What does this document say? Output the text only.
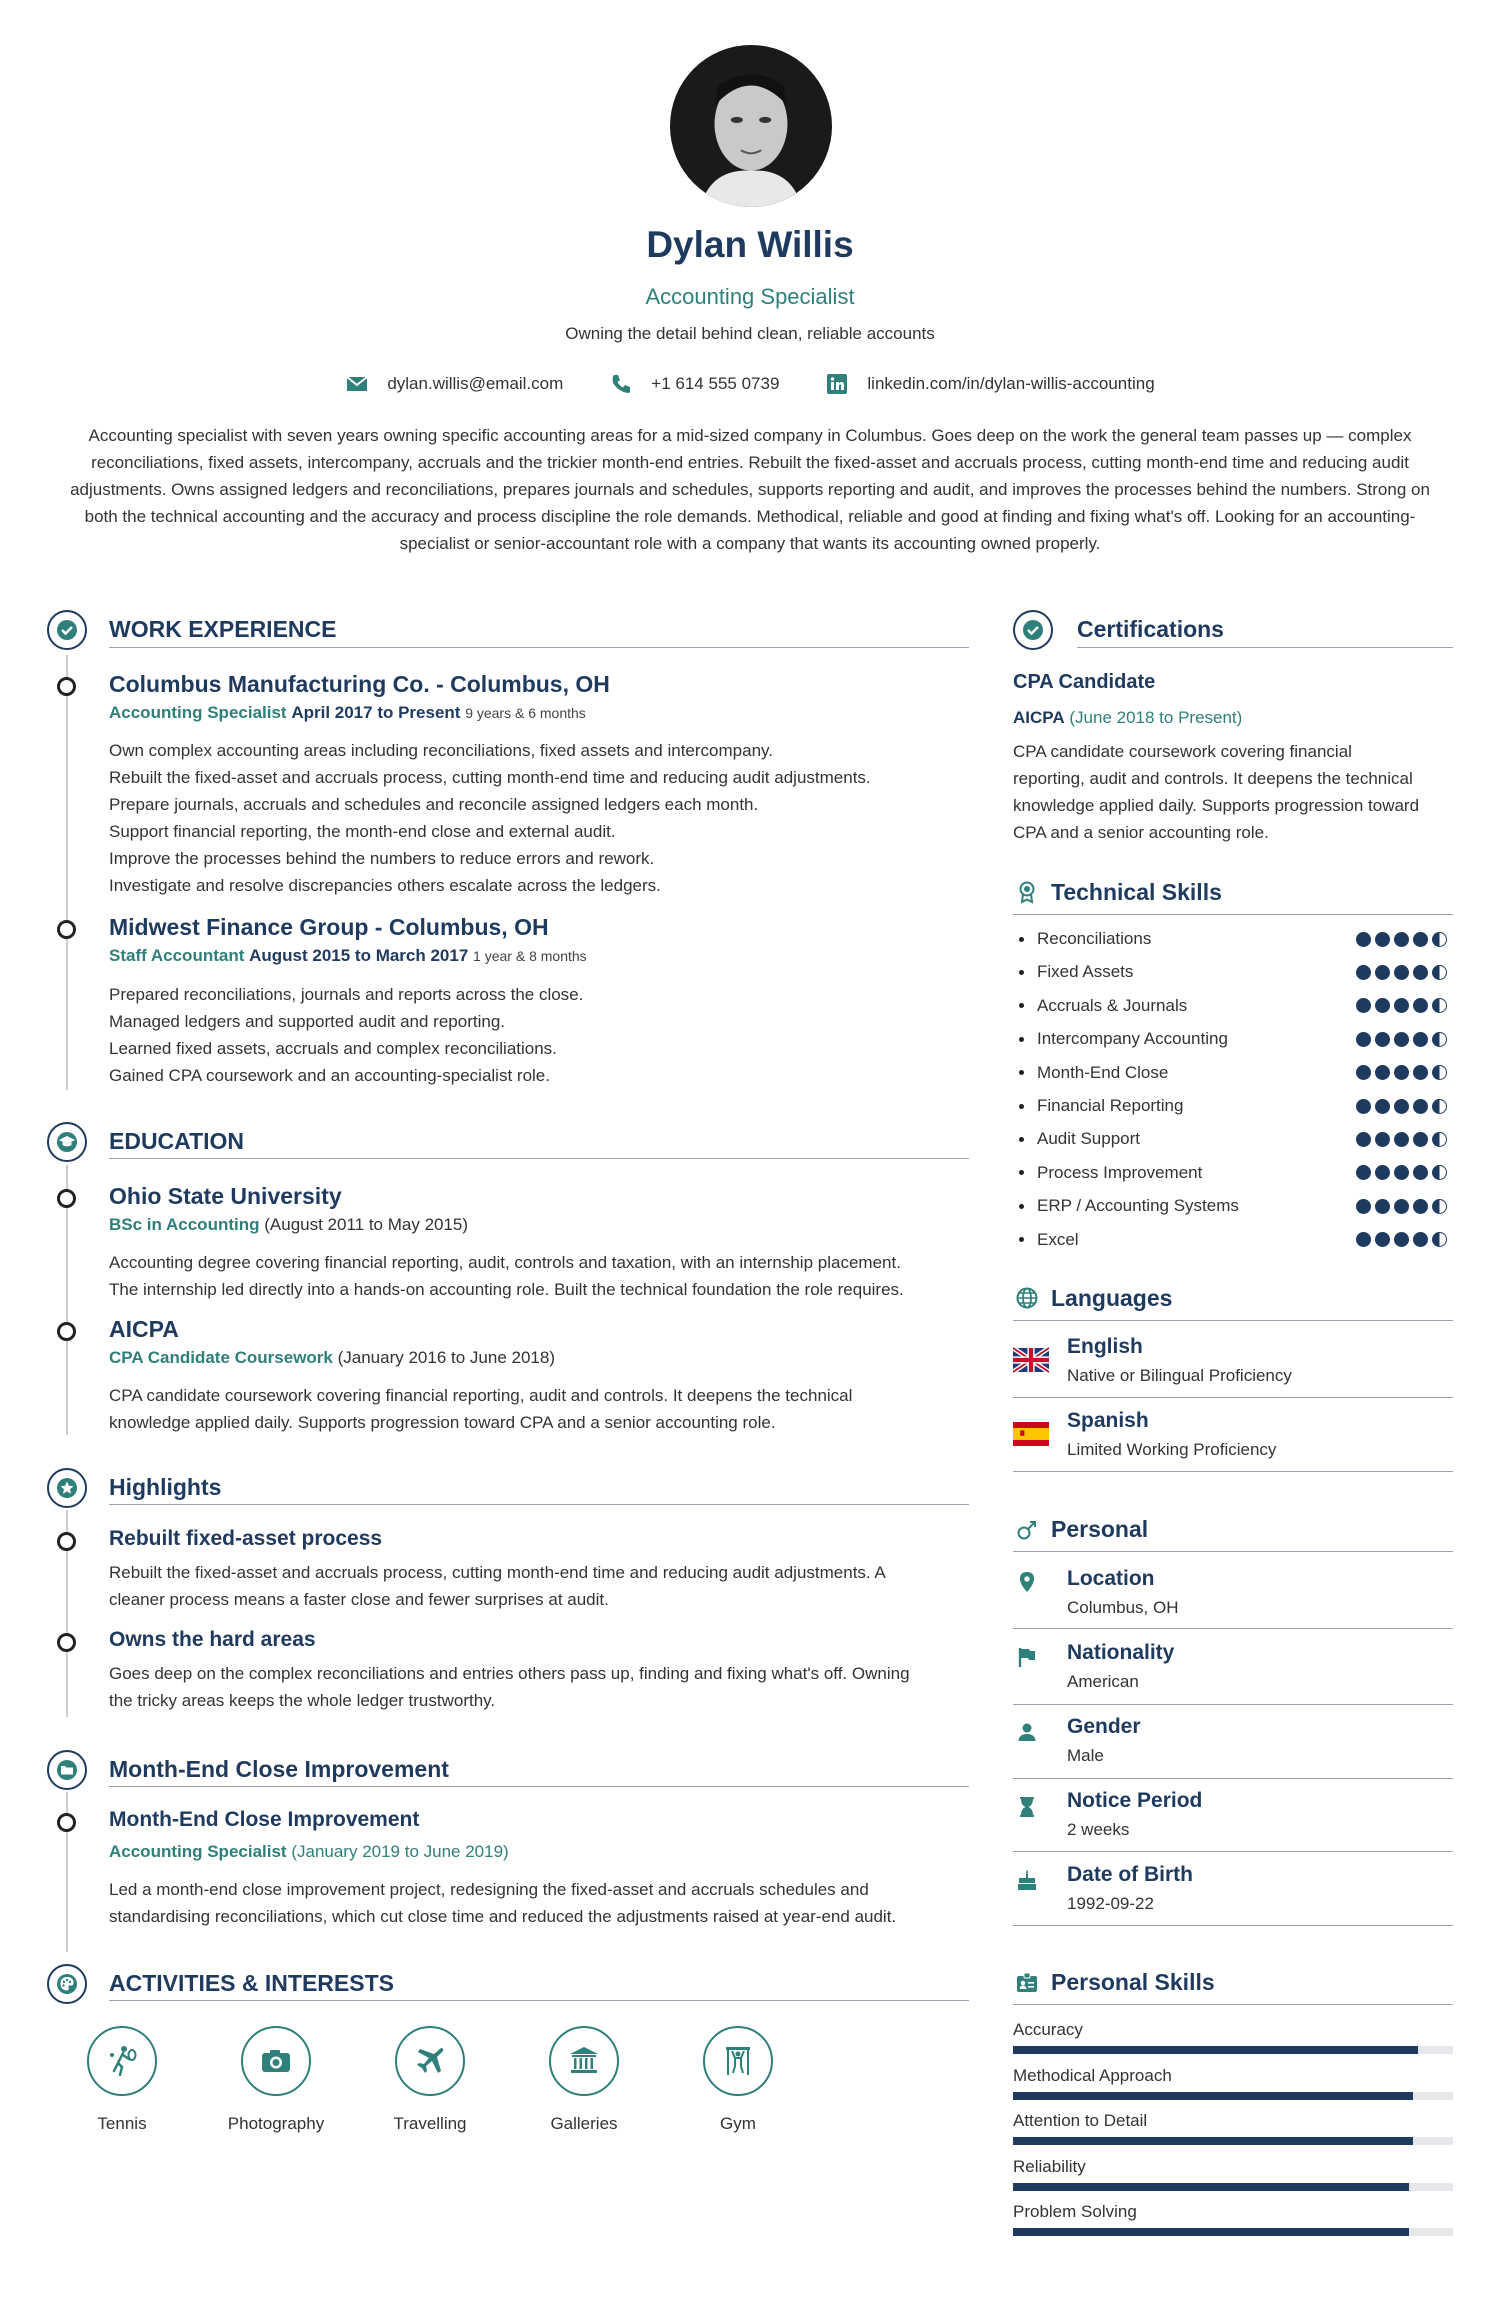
Dylan Willis
Accounting Specialist
Owning the detail behind clean, reliable accounts
dylan.willis@email.com	+1 614 555 0739	linkedin.com/in/dylan-willis-accounting
Accounting specialist with seven years owning specific accounting areas for a mid-sized company in Columbus. Goes deep on the work the general team passes up — complex reconciliations, fixed assets, intercompany, accruals and the trickier month-end entries. Rebuilt the fixed-asset and accruals process, cutting month-end time and reducing audit adjustments. Owns assigned ledgers and reconciliations, prepares journals and schedules, supports reporting and audit, and improves the processes behind the numbers. Strong on both the technical accounting and the accuracy and process discipline the role demands. Methodical, reliable and good at finding and fixing what's off. Looking for an accounting-specialist or senior-accountant role with a company that wants its accounting owned properly.
WORK EXPERIENCE
Columbus Manufacturing Co. - Columbus, OH
Accounting Specialist April 2017 to Present 9 years & 6 months
Own complex accounting areas including reconciliations, fixed assets and intercompany.
Rebuilt the fixed-asset and accruals process, cutting month-end time and reducing audit adjustments.
Prepare journals, accruals and schedules and reconcile assigned ledgers each month.
Support financial reporting, the month-end close and external audit.
Improve the processes behind the numbers to reduce errors and rework.
Investigate and resolve discrepancies others escalate across the ledgers.
Midwest Finance Group - Columbus, OH
Staff Accountant August 2015 to March 2017 1 year & 8 months
Prepared reconciliations, journals and reports across the close.
Managed ledgers and supported audit and reporting.
Learned fixed assets, accruals and complex reconciliations.
Gained CPA coursework and an accounting-specialist role.
EDUCATION
Ohio State University
BSc in Accounting (August 2011 to May 2015)
Accounting degree covering financial reporting, audit, controls and taxation, with an internship placement.
The internship led directly into a hands-on accounting role. Built the technical foundation the role requires.
AICPA
CPA Candidate Coursework (January 2016 to June 2018)
CPA candidate coursework covering financial reporting, audit and controls. It deepens the technical
knowledge applied daily. Supports progression toward CPA and a senior accounting role.
Highlights
Rebuilt fixed-asset process
Rebuilt the fixed-asset and accruals process, cutting month-end time and reducing audit adjustments. A
cleaner process means a faster close and fewer surprises at audit.
Owns the hard areas
Goes deep on the complex reconciliations and entries others pass up, finding and fixing what's off. Owning
the tricky areas keeps the whole ledger trustworthy.
Month-End Close Improvement
Month-End Close Improvement
Accounting Specialist (January 2019 to June 2019)
Led a month-end close improvement project, redesigning the fixed-asset and accruals schedules and
standardising reconciliations, which cut close time and reduced the adjustments raised at year-end audit.
ACTIVITIES & INTERESTS
Tennis	Photography	Travelling	Galleries	Gym
Certifications
CPA Candidate
AICPA (June 2018 to Present)
CPA candidate coursework covering financial
reporting, audit and controls. It deepens the technical
knowledge applied daily. Supports progression toward
CPA and a senior accounting role.
Technical Skills
Reconciliations
Fixed Assets
Accruals & Journals
Intercompany Accounting
Month-End Close
Financial Reporting
Audit Support
Process Improvement
ERP / Accounting Systems
Excel
Languages
English
Native or Bilingual Proficiency
Spanish
Limited Working Proficiency
Personal
Location
Columbus, OH
Nationality
American
Gender
Male
Notice Period
2 weeks
Date of Birth
1992-09-22
Personal Skills
Accuracy
Methodical Approach
Attention to Detail
Reliability
Problem Solving
